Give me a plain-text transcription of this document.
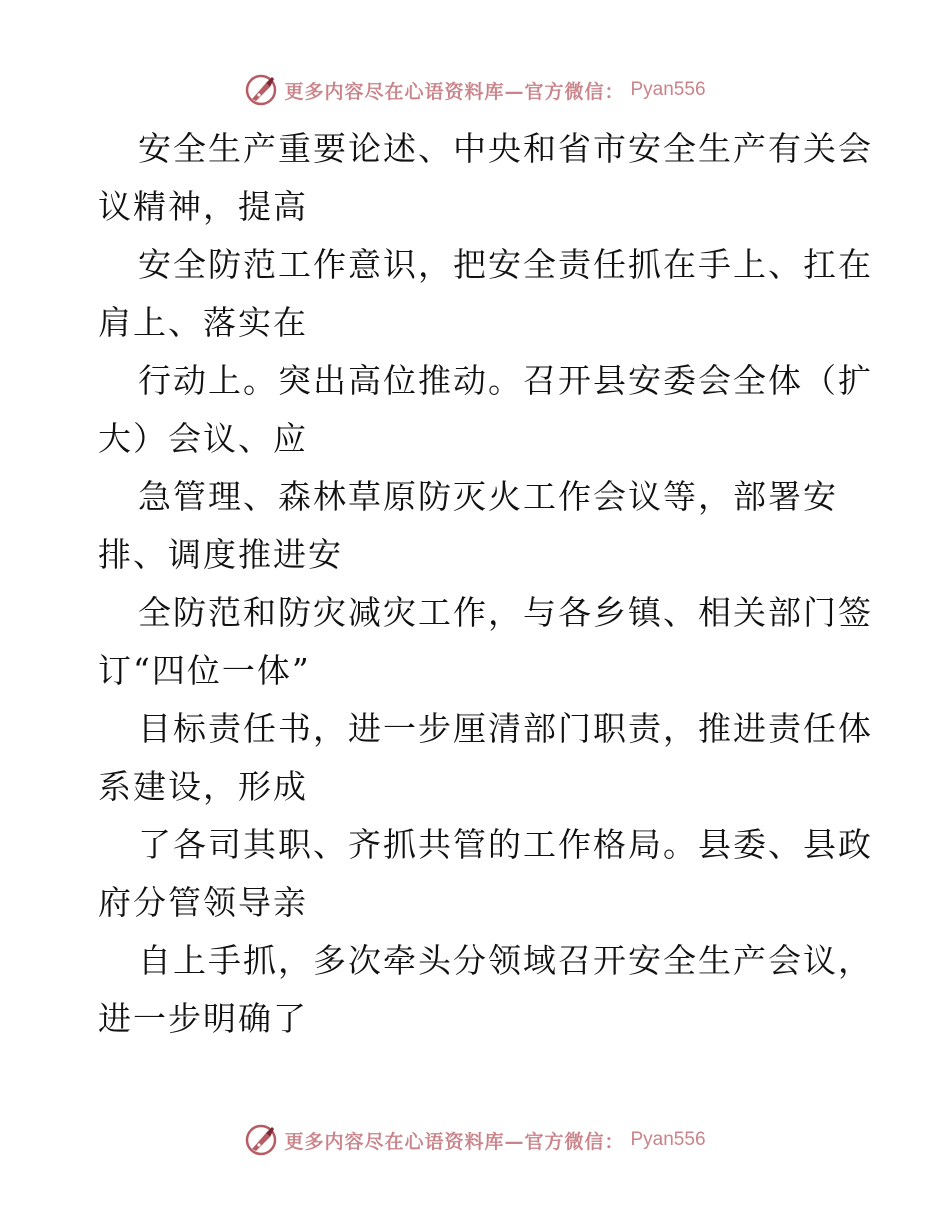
更多内容尽在心语资料库—官方微信： Pyan556
安全生产重要论述、中央和省市安全生产有关会
议精神，提高
安全防范工作意识，把安全责任抓在手上、扛在
肩上、落实在
行动上。突出高位推动。召开县安委会全体（扩
大）会议、应
急管理、森林草原防灭火工作会议等，部署安
排、调度推进安
全防范和防灾减灾工作，与各乡镇、相关部门签
订“四位一体”
目标责任书，进一步厘清部门职责，推进责任体
系建设，形成
了各司其职、齐抓共管的工作格局。县委、县政
府分管领导亲
自上手抓，多次牵头分领域召开安全生产会议，
进一步明确了
更多内容尽在心语资料库—官方微信： Pyan556
